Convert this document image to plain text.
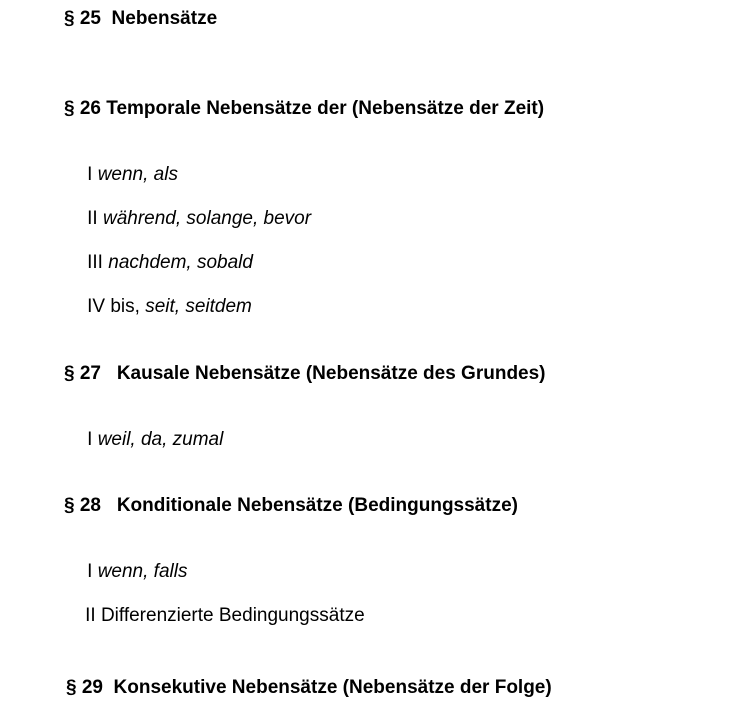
§ 25  Nebensätze
§ 26 Temporale Nebensätze der (Nebensätze der Zeit)

I wenn, als

II während, solange, bevor

III nachdem, sobald

IV bis, seit, seitdem

§ 27   Kausale Nebensätze (Nebensätze des Grundes)

I weil, da, zumal

§ 28   Konditionale Nebensätze (Bedingungssätze)

I wenn, falls

II Differenzierte Bedingungssätze

§ 29  Konsekutive Nebensätze (Nebensätze der Folge)
